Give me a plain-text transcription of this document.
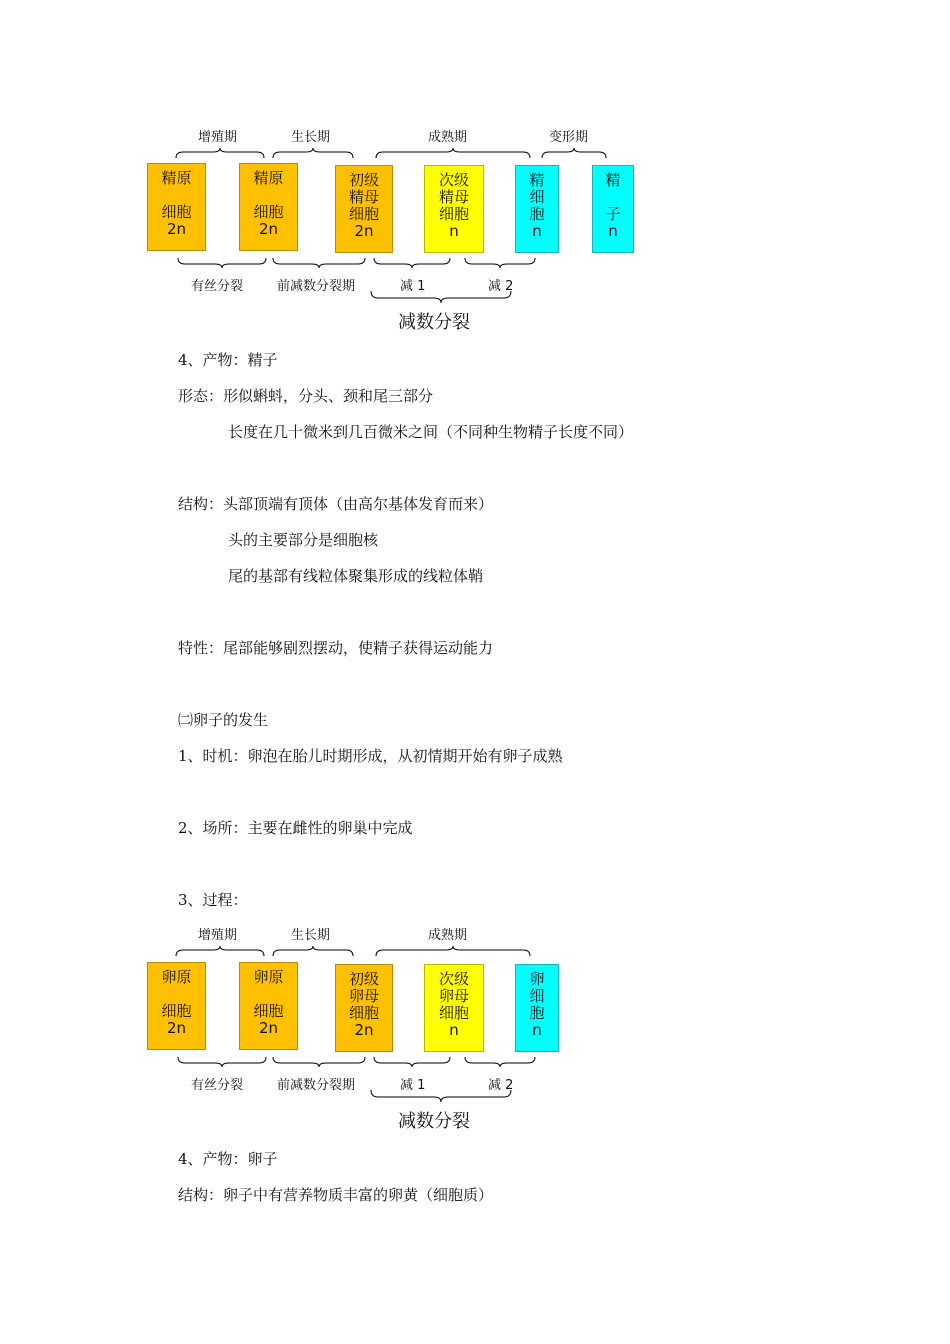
增殖期	生长期	成熟期	变形期
精原
细胞
2n
精原
细胞
2n
初级
精母
细胞
2n
次级
精母
细胞
n
精
细
胞
n
精
子
n
有丝分裂	前减数分裂期	减 1	减 2
减数分裂
4、产物：精子
形态：形似蝌蚪，分头、颈和尾三部分
长度在几十微米到几百微米之间（不同种生物精子长度不同）
结构：头部顶端有顶体（由高尔基体发育而来）
头的主要部分是细胞核
尾的基部有线粒体聚集形成的线粒体鞘
特性：尾部能够剧烈摆动，使精子获得运动能力
㈡卵子的发生
1、时机：卵泡在胎儿时期形成，从初情期开始有卵子成熟
2、场所：主要在雌性的卵巢中完成
3、过程：
增殖期	生长期	成熟期
卵原
细胞
2n
卵原
细胞
2n
初级
卵母
细胞
2n
次级
卵母
细胞
n
卵
细
胞
n
有丝分裂	前减数分裂期	减 1	减 2
减数分裂
4、产物：卵子
结构：卵子中有营养物质丰富的卵黄（细胞质）
